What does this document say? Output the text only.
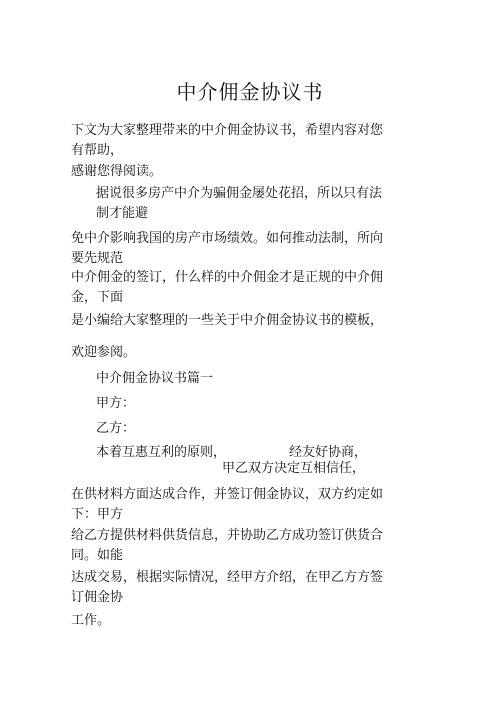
中介佣金协议书
下文为大家整理带来的中介佣金协议书，希望内容对您有帮助，
感谢您得阅读。
据说很多房产中介为骗佣金屡处花招，所以只有法制才能避
免中介影响我国的房产市场绩效。如何推动法制，所向要先规范
中介佣金的签订，什么样的中介佣金才是正规的中介佣金，下面
是小编给大家整理的一些关于中介佣金协议书的模板，
欢迎参阅。
中介佣金协议书篇一
甲方：
乙方：
本着互惠互利的原则，	经友好协商，
甲乙双方决定互相信任，
在供材料方面达成合作，并签订佣金协议，双方约定如下：甲方
给乙方提供材料供货信息，并协助乙方成功签订供货合同。如能
达成交易，根据实际情况，经甲方介绍，在甲乙方方签订佣金协
工作。
